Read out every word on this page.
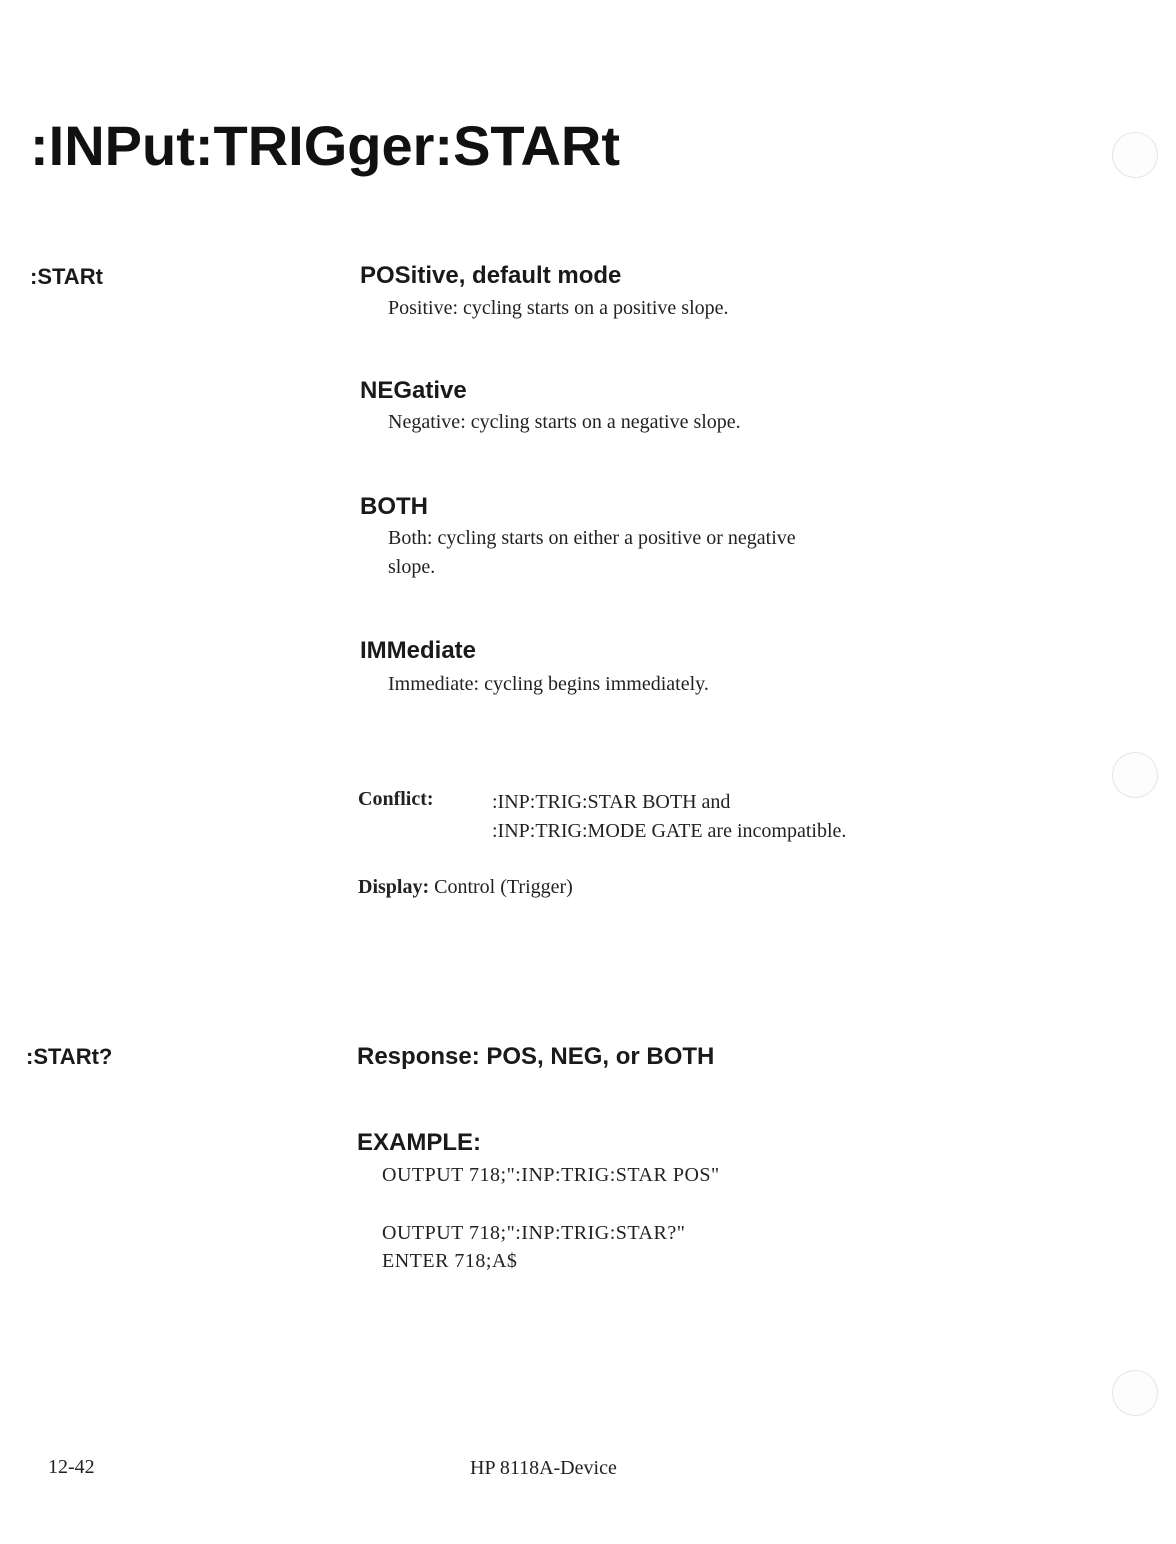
:INPut:TRIGger:STARt
:STARt	POSitive, default mode

Positive: cycling starts on a positive slope.

NEGative

Negative: cycling starts on a negative slope.

BOTH

Both: cycling starts on either a positive or negative slope.

IMMediate

Immediate: cycling begins immediately.

Conflict:	:INP:TRIG:STAR BOTH and
:INP:TRIG:MODE GATE are incompatible.
Display: Control (Trigger)
:STARt?	Response: POS, NEG, or BOTH
EXAMPLE:
OUTPUT 718;":INP:TRIG:STAR POS"
OUTPUT 718;":INP:TRIG:STAR?"
ENTER 718;A$
12-42	HP 8118A-Device
